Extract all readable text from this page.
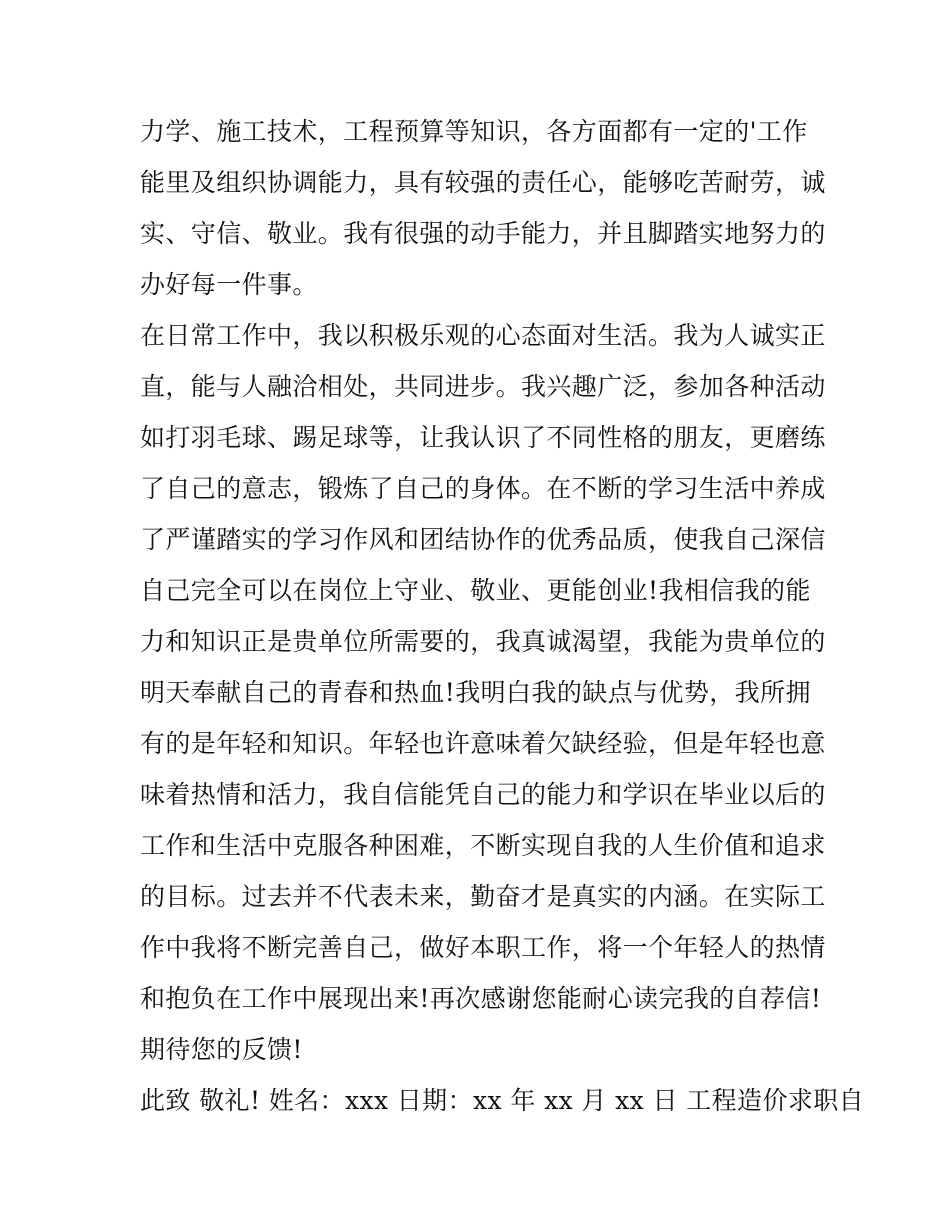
力学、施工技术，工程预算等知识，各方面都有一定的'工作
能里及组织协调能力，具有较强的责任心，能够吃苦耐劳，诚
实、守信、敬业。我有很强的动手能力，并且脚踏实地努力的
办好每一件事。
在日常工作中，我以积极乐观的心态面对生活。我为人诚实正
直，能与人融洽相处，共同进步。我兴趣广泛，参加各种活动
如打羽毛球、踢足球等，让我认识了不同性格的朋友，更磨练
了自己的意志，锻炼了自己的身体。在不断的学习生活中养成
了严谨踏实的学习作风和团结协作的优秀品质，使我自己深信
自己完全可以在岗位上守业、敬业、更能创业!我相信我的能
力和知识正是贵单位所需要的，我真诚渴望，我能为贵单位的
明天奉献自己的青春和热血!我明白我的缺点与优势，我所拥
有的是年轻和知识。年轻也许意味着欠缺经验，但是年轻也意
味着热情和活力，我自信能凭自己的能力和学识在毕业以后的
工作和生活中克服各种困难，不断实现自我的人生价值和追求
的目标。过去并不代表未来，勤奋才是真实的内涵。在实际工
作中我将不断完善自己，做好本职工作，将一个年轻人的热情
和抱负在工作中展现出来!再次感谢您能耐心读完我的自荐信!
期待您的反馈!
此致 敬礼! 姓名：xxx 日期：xx 年 xx 月 xx 日 工程造价求职自
